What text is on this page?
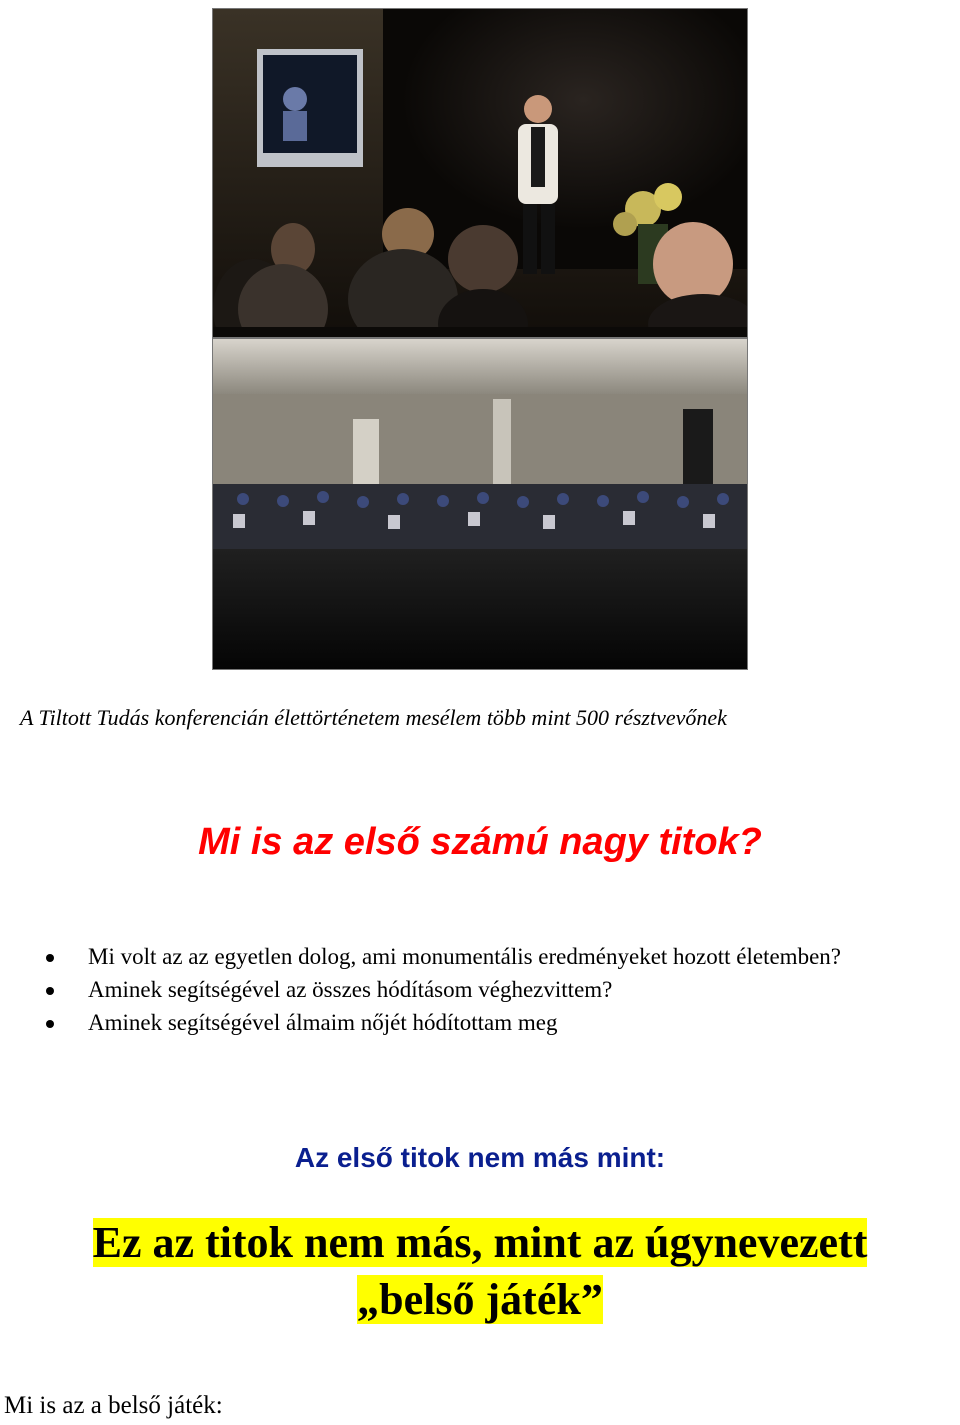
A Tiltott Tudás konferencián élettörténetem mesélem több mint 500 résztvevőnek
Mi is az első számú nagy titok?
Mi volt az az egyetlen dolog, ami monumentális eredményeket hozott életemben?
Aminek segítségével az összes hódításom véghezvittem?
Aminek segítségével álmaim nőjét hódítottam meg
Az első titok nem más mint:
Ez az titok nem más, mint az úgynevezett
„belső játék”
Mi is az a belső játék:
